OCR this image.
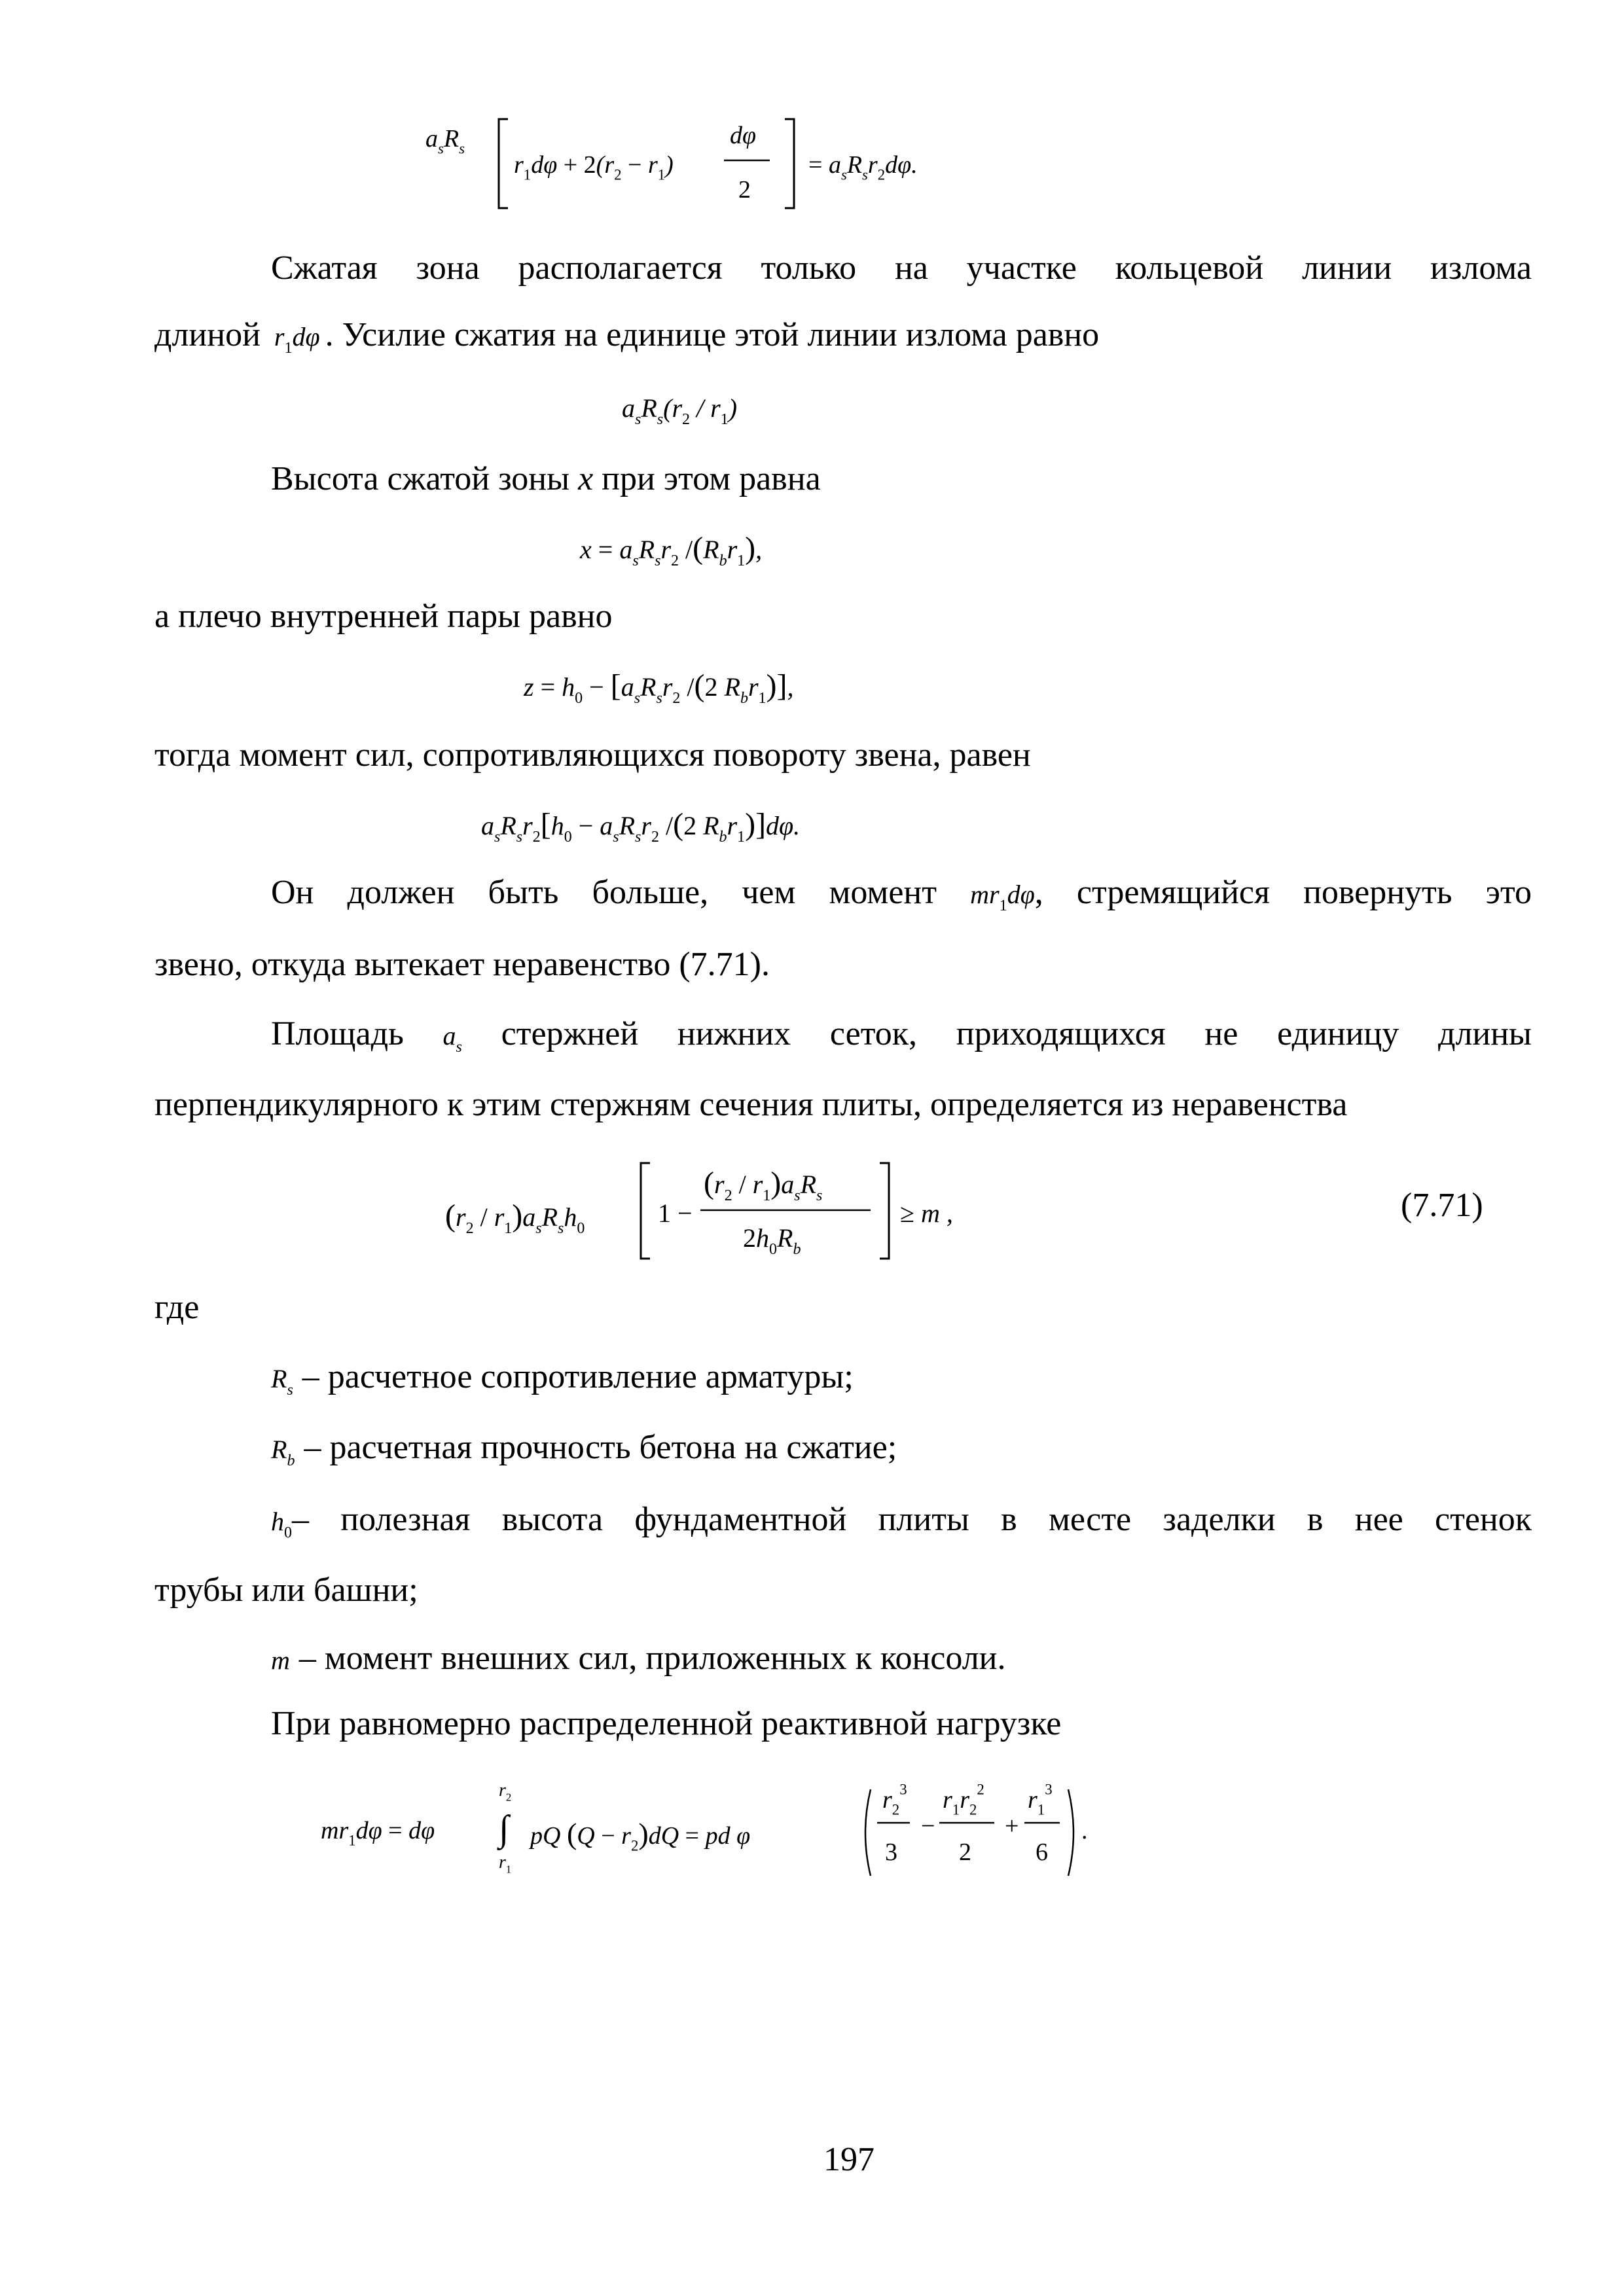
$a_sR_s$
$r_1d\varphi + 2(r_2 - r_1)$
dφ
2
= $a_sR_sr_2d\varphi$.
Сжатая зона располагается только на участке кольцевой линии излома
длиной $r_1d\varphi$ . Усилие сжатия на единице этой линии излома равно
$a_sR_s(r_2 / r_1)$
Высота сжатой зоны x при этом равна
$x = a_sR_sr_2$ $/(R_br_1)$,
а плечо внутренней пары равно
$z = h_0 - [a_sR_sr_2$ /(2 $R_br_1$)],
тогда момент сил, сопротивляющихся повороту звена, равен
$a_sR_sr_2[h_0 - a_sR_sr_2$ /(2 $R_br_1)]d\varphi$.
Он должен быть больше, чем момент $mr_1d\varphi$, стремящийся повернуть это
звено, откуда вытекает неравенство (7.71).
Площадь $a_s$ стержней нижних сеток, приходящихся не единицу длины
перпендикулярного к этим стержням сечения плиты, определяется из неравенства
$(r_2 / r_1)a_sR_sh_0$
1 −
$(r_2 / r_1)a_sR_s$
$2h_0R_b$
≥ m ,	(7.71)
где
$R_s$ – расчетное сопротивление арматуры;
$R_b$ – расчетная прочность бетона на сжатие;
$h_0-$ полезная высота фундаментной плиты в месте заделки в нее стенок
трубы или башни;
m – момент внешних сил, приложенных к консоли.
При равномерно распределенной реактивной нагрузке
$mr_1d\varphi = d\varphi$
$r_2$
∫
$r_1$
pQ $(Q - r_2)dQ$ = pd φ
$r_2^3$
3
−
$r_1r_2^2$
2
+
$r_1^3$
6
.
197
